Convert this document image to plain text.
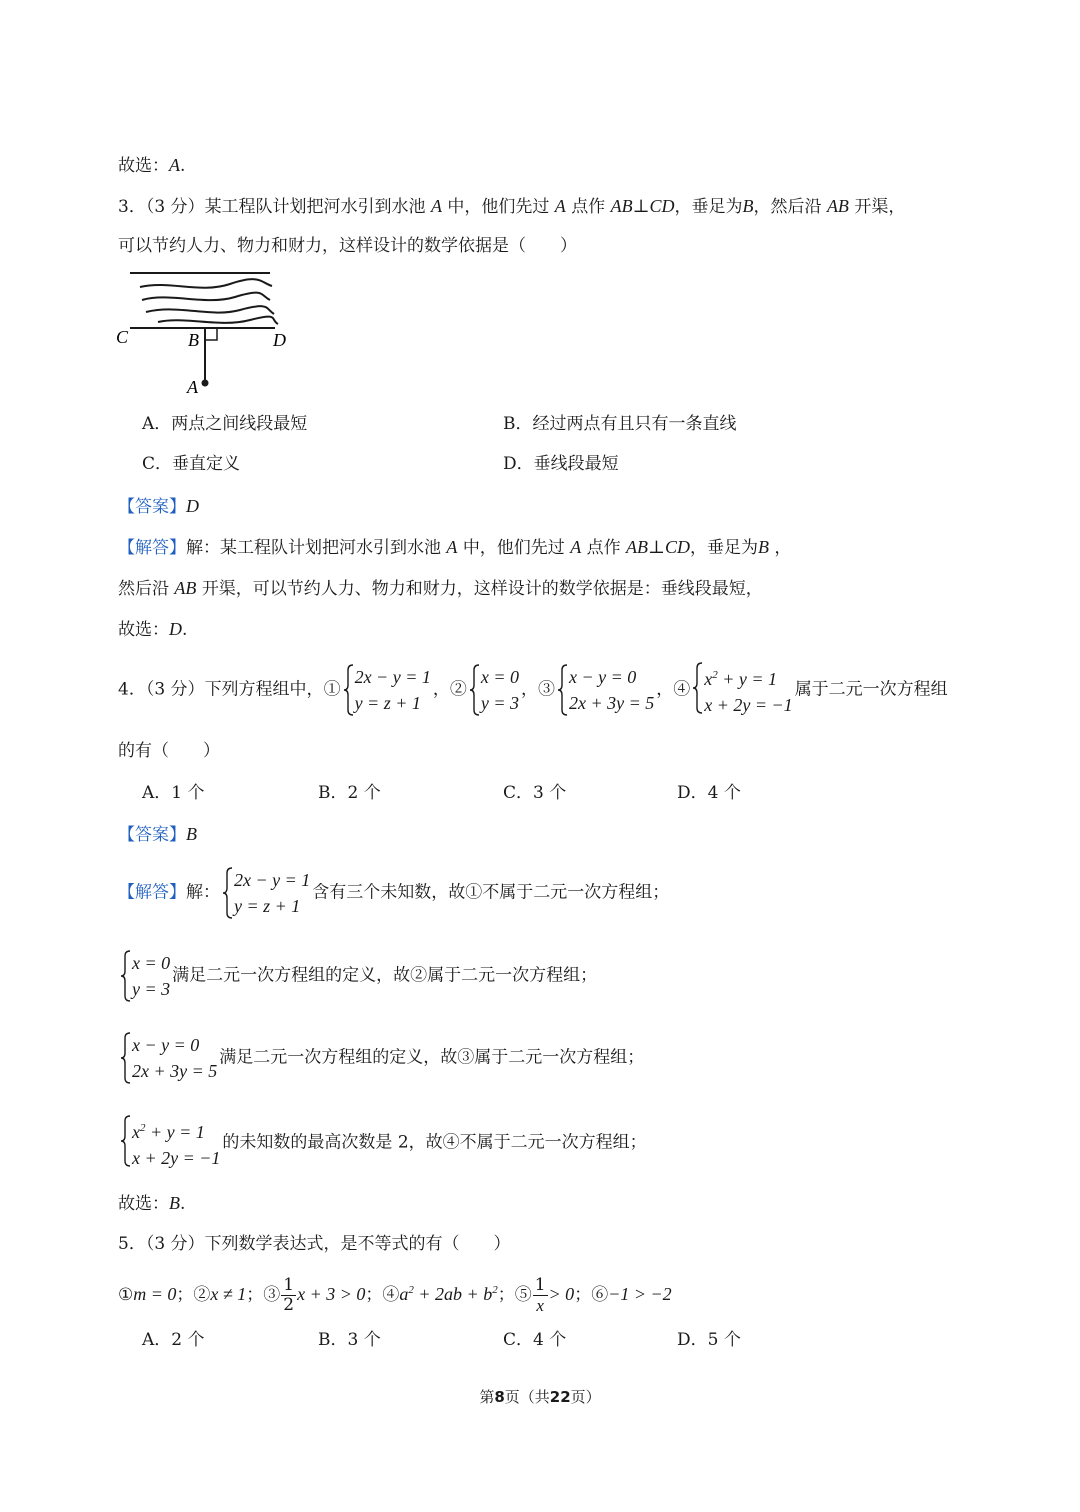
故选：A.
3．（3 分）某工程队计划把河水引到水池 A 中，他们先过 A 点作 AB⊥CD，垂足为B，然后沿 AB 开渠，
可以节约人力、物力和财力，这样设计的数学依据是（　　）
C	B	D
A
A．两点之间线段最短	B．经过两点有且只有一条直线
C．垂直定义	D．垂线段最短
【答案】D
【解答】解：某工程队计划把河水引到水池 A 中，他们先过 A 点作 AB⊥CD，垂足为B ，
然后沿 AB 开渠，可以节约人力、物力和财力，这样设计的数学依据是：垂线段最短，
故选：D.
4．（3 分）下列方程组中，①
2x − y = 1
y = z + 1
，②
x = 0
y = 3
，③
x − y = 0
2x + 3y = 5
，④
$x^2 + y = 1$
x + 2y = −1
属于二元一次方程组
的有（　　）
A．1 个	B．2 个	C．3 个	D．4 个
【答案】B
【解答】解：
2x − y = 1
y = z + 1
含有三个未知数，故①不属于二元一次方程组；
x = 0
y = 3
满足二元一次方程组的定义，故②属于二元一次方程组；
x − y = 0
2x + 3y = 5
满足二元一次方程组的定义，故③属于二元一次方程组；
$x^2 + y = 1$
x + 2y = −1
的未知数的最高次数是 2，故④不属于二元一次方程组；
故选：B.
5．（3 分）下列数学表达式，是不等式的有（　　）
①m = 0；②x ≠ 1；③ $\frac{1}{2}$ x + 3 > 0；$④a^2 + 2ab + b^2$；⑤ $\frac{1}{x} > 0$；⑥−1 > −2
A．2 个	B．3 个	C．4 个	D．5 个
第8页（共22页）
